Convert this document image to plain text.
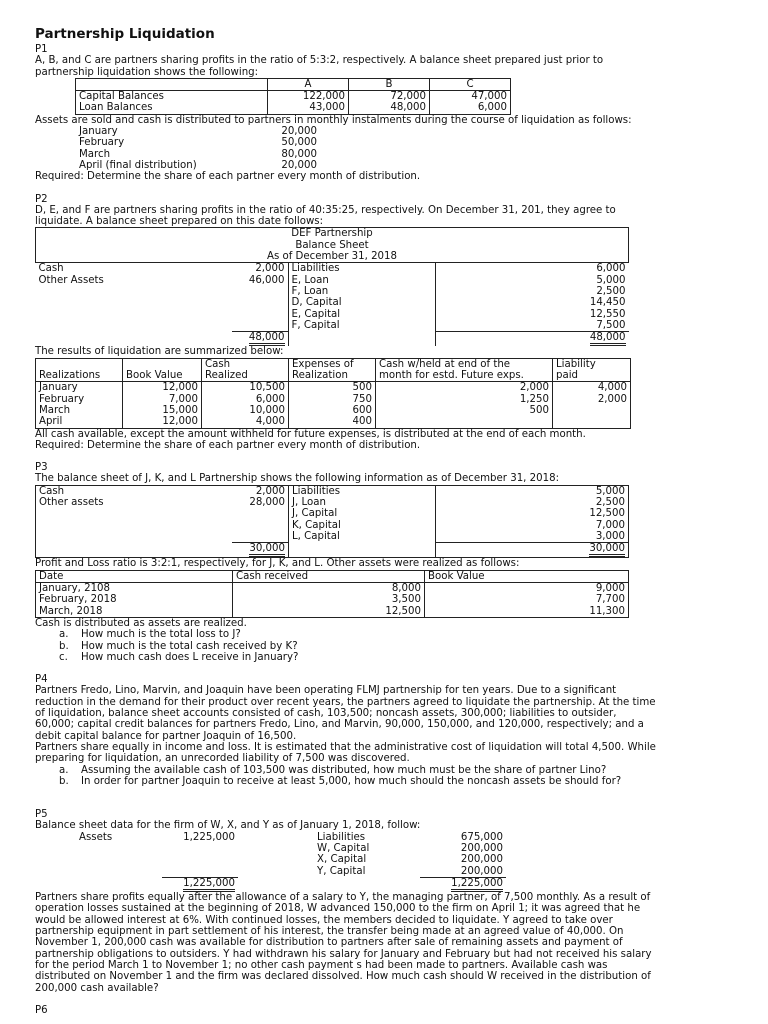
Partnership Liquidation

P1

A, B, and C are partners sharing profits in the ratio of 5:3:2, respectively. A balance sheet prepared just prior to

partnership liquidation shows the following:

	A	B	C
Capital Balances	122,000	72,000	47,000
Loan Balances	43,000	48,000	6,000

Assets are sold and cash is distributed to partners in monthly instalments during the course of liquidation as follows:

January	20,000
February	50,000
March	80,000
April (final distribution)	20,000

Required: Determine the share of each partner every month of distribution.

P2

D, E, and F are partners sharing profits in the ratio of 40:35:25, respectively. On December 31, 201, they agree to

liquidate. A balance sheet prepared on this date follows:

DEF Partnership			
Balance Sheet			
As of December 31, 2018			
Cash	2,000	Liabilities	6,000
Other Assets	46,000	E, Loan	5,000
		F, Loan	2,500
		D, Capital	14,450
		E, Capital	12,550
		F, Capital	7,500
	48,000		48,000

The results of liquidation are summarized below:

		Cash	Expenses of	Cash w/held at end of the	Liability
Realizations	Book Value	Realized	Realization	month for estd. Future exps.	paid
January	12,000	10,500	500	2,000	4,000
February	7,000	6,000	750	1,250	2,000
March	15,000	10,000	600	500	
April	12,000	4,000	400		

All cash available, except the amount withheld for future expenses, is distributed at the end of each month.

Required: Determine the share of each partner every month of distribution.

P3

The balance sheet of J, K, and L Partnership shows the following information as of December 31, 2018:

Cash	2,000	Liabilities	5,000
Other assets	28,000	J, Loan	2,500
		J, Capital	12,500
		K, Capital	7,000
		L, Capital	3,000
	30,000		30,000

Profit and Loss ratio is 3:2:1, respectively, for J, K, and L. Other assets were realized as follows:

Date	Cash received	Book Value
January, 2108	8,000	9,000
February, 2018	3,500	7,700
March, 2018	12,500	11,300

Cash is distributed as assets are realized.

a. How much is the total loss to J?

b. How much is the total cash received by K?

c. How much cash does L receive in January?

P4

Partners Fredo, Lino, Marvin, and Joaquin have been operating FLMJ partnership for ten years. Due to a significant

reduction in the demand for their product over recent years, the partners agreed to liquidate the partnership. At the time

of liquidation, balance sheet accounts consisted of cash, 103,500; noncash assets, 300,000; liabilities to outsider,

60,000; capital credit balances for partners Fredo, Lino, and Marvin, 90,000, 150,000, and 120,000, respectively; and a

debit capital balance for partner Joaquin of 16,500.

Partners share equally in income and loss. It is estimated that the administrative cost of liquidation will total 4,500. While

preparing for liquidation, an unrecorded liability of 7,500 was discovered.

a. Assuming the available cash of 103,500 was distributed, how much must be the share of partner Lino?

b. In order for partner Joaquin to receive at least 5,000, how much should the noncash assets be should for?

P5

Balance sheet data for the firm of W, X, and Y as of January 1, 2018, follow:

Assets	1,225,000		Liabilities	675,000
			W, Capital	200,000
			X, Capital	200,000
			Y, Capital	200,000
	1,225,000			1,225,000

Partners share profits equally after the allowance of a salary to Y, the managing partner, of 7,500 monthly. As a result of

operation losses sustained at the beginning of 2018, W advanced 150,000 to the firm on April 1; it was agreed that he

would be allowed interest at 6%. With continued losses, the members decided to liquidate. Y agreed to take over

partnership equipment in part settlement of his interest, the transfer being made at an agreed value of 40,000. On

November 1, 200,000 cash was available for distribution to partners after sale of remaining assets and payment of

partnership obligations to outsiders. Y had withdrawn his salary for January and February but had not received his salary

for the period March 1 to November 1; no other cash payment s had been made to partners. Available cash was

distributed on November 1 and the firm was declared dissolved. How much cash should W received in the distribution of

200,000 cash available?

P6
